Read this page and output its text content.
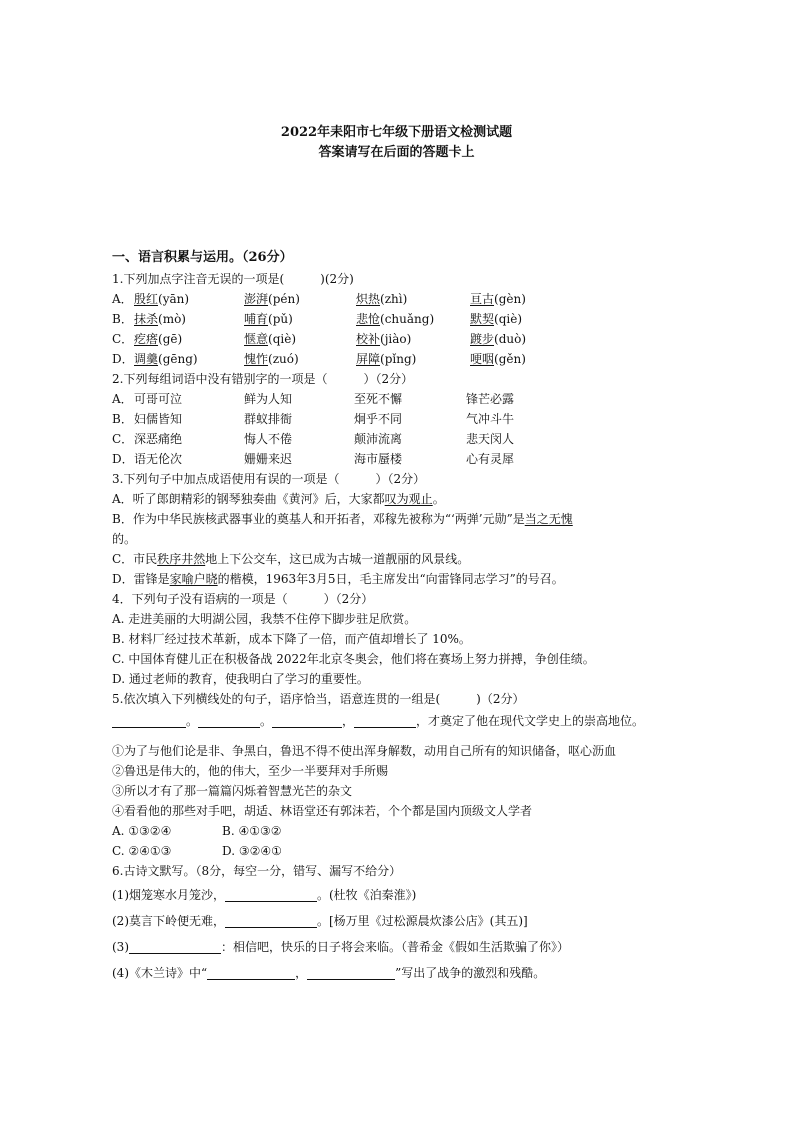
2022年耒阳市七年级下册语文检测试题
答案请写在后面的答题卡上
一、语言积累与运用。（26分）
1.下列加点字注音无误的一项是(　　　)(2分)
A． 殷红(yān)	澎湃(pén)	炽热(zhì)	亘古(gèn)
B． 抹杀(mò)	哺育(pǔ)	悲怆(chuǎng)	默契(qiè)
C． 疙瘩(gē)	惬意(qiè)	校补(jiào)	踱步(duò)
D． 调羹(gēng)	愧怍(zuó)	屏障(pǐng)	哽咽(gěn)
2.下列每组词语中没有错别字的一项是（　　　）（2分）
A． 可哥可泣	鲜为人知	至死不懈	锋芒必露
B． 妇儒皆知	群蚁排衙	炯乎不同	气冲斗牛
C． 深恶痛绝	悔人不倦	颠沛流离	悲天闵人
D． 语无伦次	姗姗来迟	海市蜃楼	心有灵犀
3.下列句子中加点成语使用有误的一项是（　　　）（2分）
A．听了郎朗精彩的钢琴独奏曲《黄河》后，大家都叹为观止。
B．作为中华民族核武器事业的奠基人和开拓者，邓稼先被称为“‘两弹’元勋”是当之无愧
的。
C．市民秩序井然地上下公交车，这已成为古城一道靓丽的风景线。
D．雷锋是家喻户晓的楷模，1963年3月5日，毛主席发出“向雷锋同志学习”的号召。
4．下列句子没有语病的一项是（　　　）（2分）
A. 走进美丽的大明湖公园，我禁不住停下脚步驻足欣赏。
B. 材料厂经过技术革新，成本下降了一倍，而产值却增长了 10%。
C. 中国体育健儿正在积极备战 2022年北京冬奥会，他们将在赛场上努力拼搏，争创佳绩。
D. 通过老师的教育，使我明白了学习的重要性。
5.依次填入下列横线处的句子，语序恰当，语意连贯的一组是(　　　)（2分）
。	。	，	，才奠定了他在现代文学史上的崇高地位。
①为了与他们论是非、争黑白，鲁迅不得不使出浑身解数，动用自己所有的知识储备，呕心沥血
②鲁迅是伟大的，他的伟大，至少一半要拜对手所赐
③所以才有了那一篇篇闪烁着智慧光芒的杂文
④看看他的那些对手吧，胡适、林语堂还有郭沫若，个个都是国内顶级文人学者
A. ①③②④	B. ④①③②
C. ②④①③	D. ③②④①
6.古诗文默写。（8分，每空一分，错写、漏写不给分）
(1)烟笼寒水月笼沙，	。(杜牧《泊秦淮》)
(2)莫言下岭便无难，	。[杨万里《过松源晨炊漆公店》(其五)]
(3)	：相信吧，快乐的日子将会来临。（普希金《假如生活欺骗了你》）
(4)《木兰诗》中“	，	”写出了战争的激烈和残酷。
